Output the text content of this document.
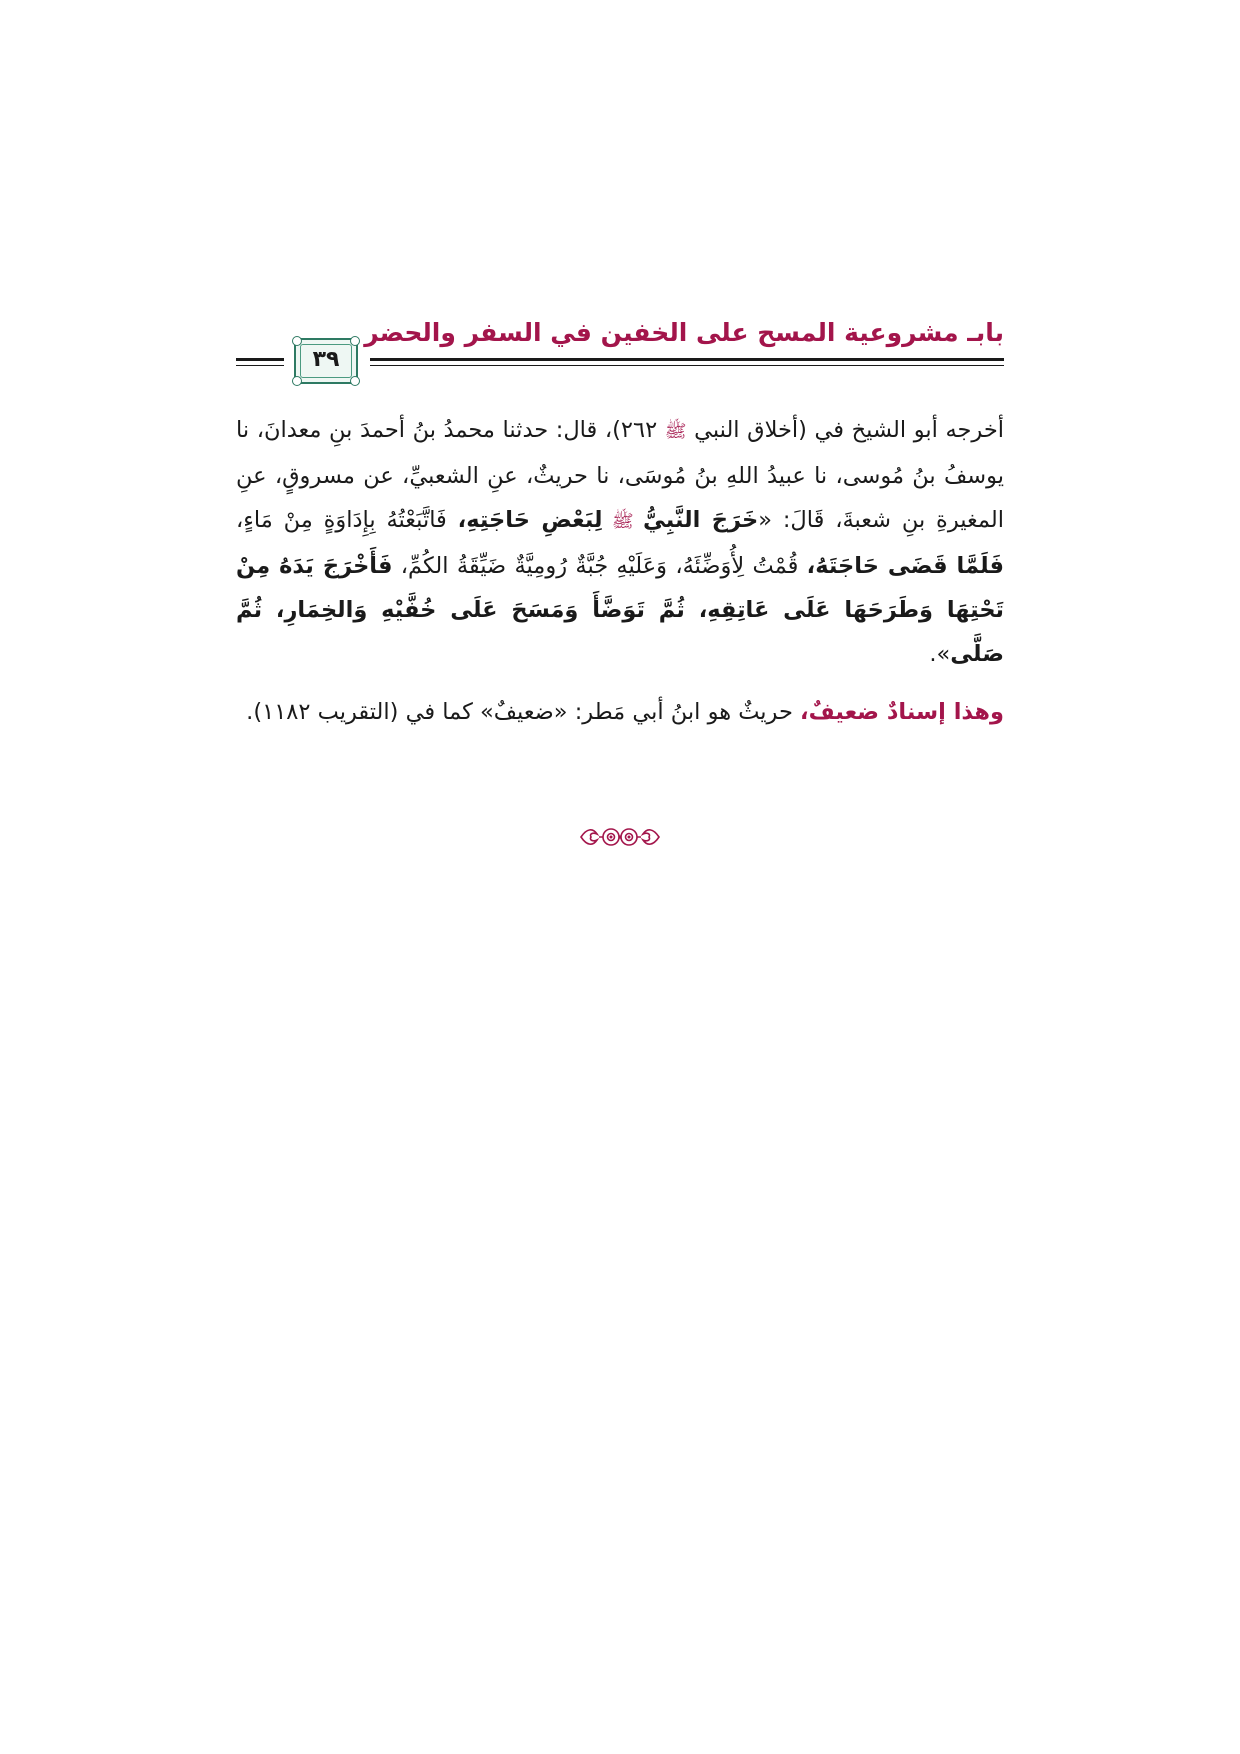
بابـ مشروعية المسح على الخفين في السفر والحضر
٣٩

أخرجه أبو الشيخ في (أخلاق النبي ﷺ ٢٦٢)، قال: حدثنا محمدُ بنُ أحمدَ بنِ معدانَ، نا يوسفُ بنُ مُوسى، نا عبيدُ اللهِ بنُ مُوسَى، نا حريثٌ، عنِ الشعبيِّ، عن مسروقٍ، عنِ المغيرةِ بنِ شعبةَ، قَالَ: «خَرَجَ النَّبِيُّ ﷺ لِبَعْضِ حَاجَتِهِ، فَاتَّبَعْتُهُ بِإِدَاوَةٍ مِنْ مَاءٍ، فَلَمَّا قَضَى حَاجَتَهُ، قُمْتُ لِأُوَضِّئَهُ، وَعَلَيْهِ جُبَّةٌ رُومِيَّةٌ ضَيِّقَةُ الكُمِّ، فَأَخْرَجَ يَدَهُ مِنْ تَحْتِهَا وَطَرَحَهَا عَلَى عَاتِقِهِ، ثُمَّ تَوَضَّأَ وَمَسَحَ عَلَى خُفَّيْهِ وَالخِمَارِ، ثُمَّ صَلَّى».

وهذا إسنادٌ ضعيفٌ، حريثٌ هو ابنُ أبي مَطر: «ضعيفٌ» كما في (التقريب ١١٨٢).
